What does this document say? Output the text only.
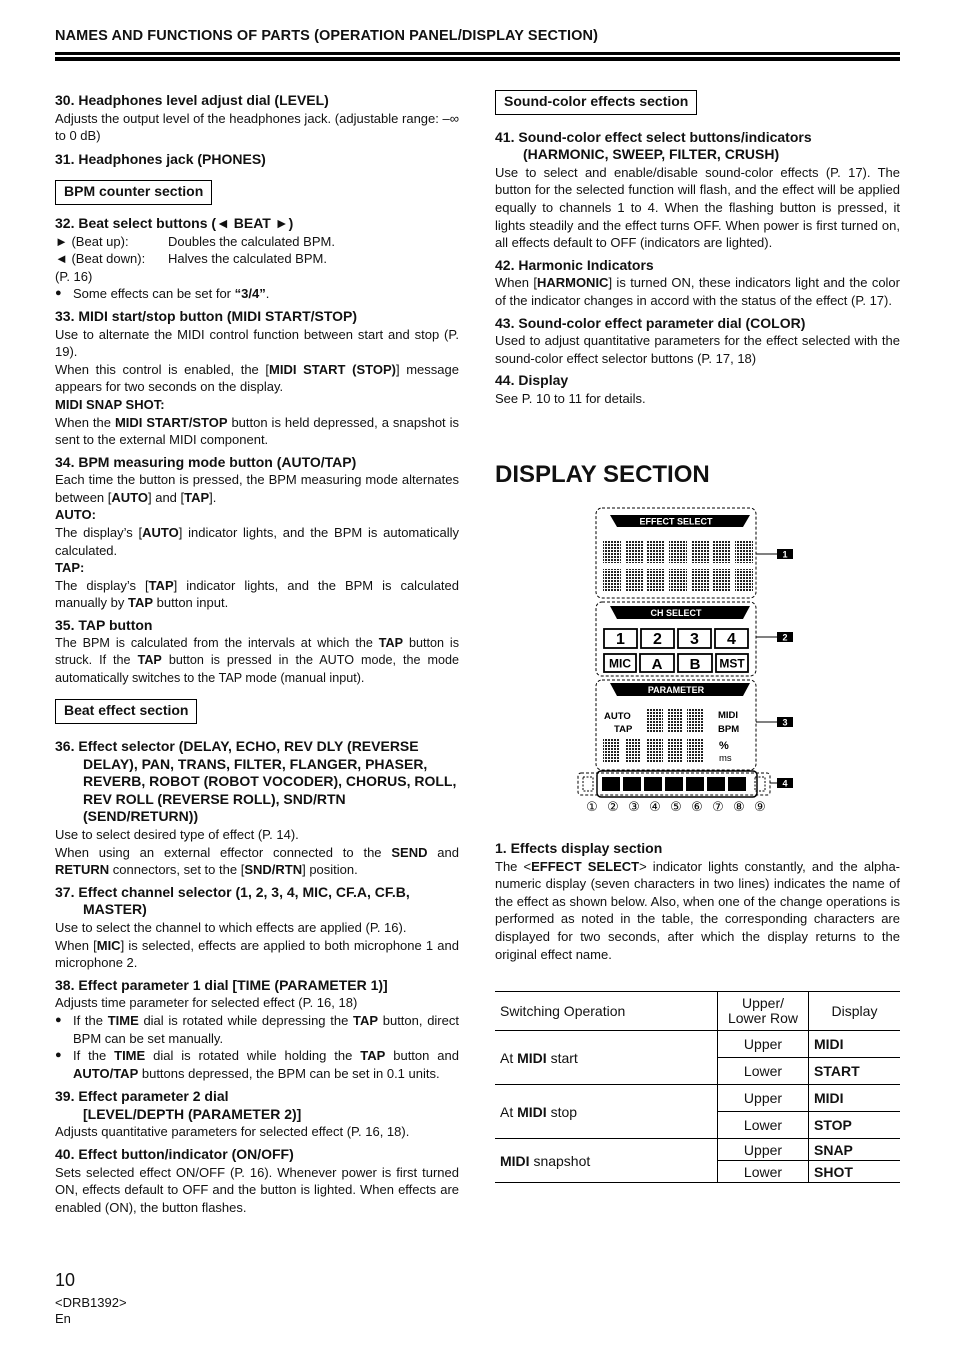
NAMES AND FUNCTIONS OF PARTS (OPERATION PANEL/DISPLAY SECTION)
30. Headphones level adjust dial (LEVEL)

Adjusts the output level of the headphones jack. (adjustable range: –∞ to 0 dB)

31. Headphones jack (PHONES)
BPM counter section
32. Beat select buttons (◄ BEAT ►)
► (Beat up):	Doubles the calculated BPM.
◄ (Beat down):	Halves the calculated BPM.

(P. 16)

● Some effects can be set for “3/4”.

33. MIDI start/stop button (MIDI START/STOP)

Use to alternate the MIDI control function between start and stop (P. 19).

When this control is enabled, the [MIDI START (STOP)] message appears for two seconds on the display.

MIDI SNAP SHOT:

When the MIDI START/STOP button is held depressed, a snapshot is sent to the external MIDI component.

34. BPM measuring mode button (AUTO/TAP)

Each time the button is pressed, the BPM measuring mode alternates between [AUTO] and [TAP].

AUTO:

The display’s [AUTO] indicator lights, and the BPM is automatically calculated.

TAP:

The display’s [TAP] indicator lights, and the BPM is calculated manually by TAP button input.

35. TAP button

The BPM is calculated from the intervals at which the TAP button is struck. If the TAP button is pressed in the AUTO mode, the mode automatically switches to the TAP mode (manual input).

Beat effect section
36. Effect selector (DELAY, ECHO, REV DLY (REVERSE DELAY), PAN, TRANS, FILTER, FLANGER, PHASER, REVERB, ROBOT (ROBOT VOCODER), CHORUS, ROLL, REV ROLL (REVERSE ROLL), SND/RTN (SEND/RETURN))

Use to select desired type of effect (P. 14).

When using an external effector connected to the SEND and RETURN connectors, set to the [SND/RTN] position.

37. Effect channel selector (1, 2, 3, 4, MIC, CF.A, CF.B, MASTER)

Use to select the channel to which effects are applied (P. 16).

When [MIC] is selected, effects are applied to both microphone 1 and microphone 2.

38. Effect parameter 1 dial [TIME (PARAMETER 1)]

Adjusts time parameter for selected effect (P. 16, 18)

● If the TIME dial is rotated while depressing the TAP button, direct BPM can be set manually.

● If the TIME dial is rotated while holding the TAP button and AUTO/TAP buttons depressed, the BPM can be set in 0.1 units.

39. Effect parameter 2 dial
[LEVEL/DEPTH (PARAMETER 2)]

Adjusts quantitative parameters for selected effect (P. 16, 18).

40. Effect button/indicator (ON/OFF)

Sets selected effect ON/OFF (P. 16). Whenever power is first turned ON, effects default to OFF and the button is lighted. When effects are enabled (ON), the button flashes.

Sound-color effects section
41. Sound-color effect select buttons/indicators (HARMONIC, SWEEP, FILTER, CRUSH)

Use to select and enable/disable sound-color effects (P. 17). The button for the selected function will flash, and the effect will be applied equally to channels 1 to 4. When the flashing button is pressed, it lights steadily and the effect turns OFF. When power is first turned on, all effects default to OFF (indicators are lighted).

42. Harmonic Indicators

When [HARMONIC] is turned ON, these indicators light and the color of the indicator changes in accord with the status of the effect (P. 17).

43. Sound-color effect parameter dial (COLOR)

Used to adjust quantitative parameters for the effect selected with the sound-color effect selector buttons (P. 17, 18)

44. Display

See P. 10 to 11 for details.

DISPLAY SECTION
EFFECT SELECT
1
CH SELECT
1 2 3 4
MIC A B MST
2
PARAMETER
AUTO
TAP
MIDI
BPM
%
ms
3
4
① ② ③ ④ ⑤ ⑥ ⑦ ⑧ ⑨
1. Effects display section

The <EFFECT SELECT> indicator lights constantly, and the alpha-numeric display (seven characters in two lines) indicates the name of the effect as shown below. Also, when one of the change operations is performed as noted in the table, the corresponding characters are displayed for two seconds, after which the display returns to the original effect name.

Switching Operation	Upper/ Lower Row	Display
At MIDI start	Upper	MIDI
	Lower	START
At MIDI stop	Upper	MIDI
	Lower	STOP
MIDI snapshot	Upper	SNAP
	Lower	SHOT
10
<DRB1392>
En
